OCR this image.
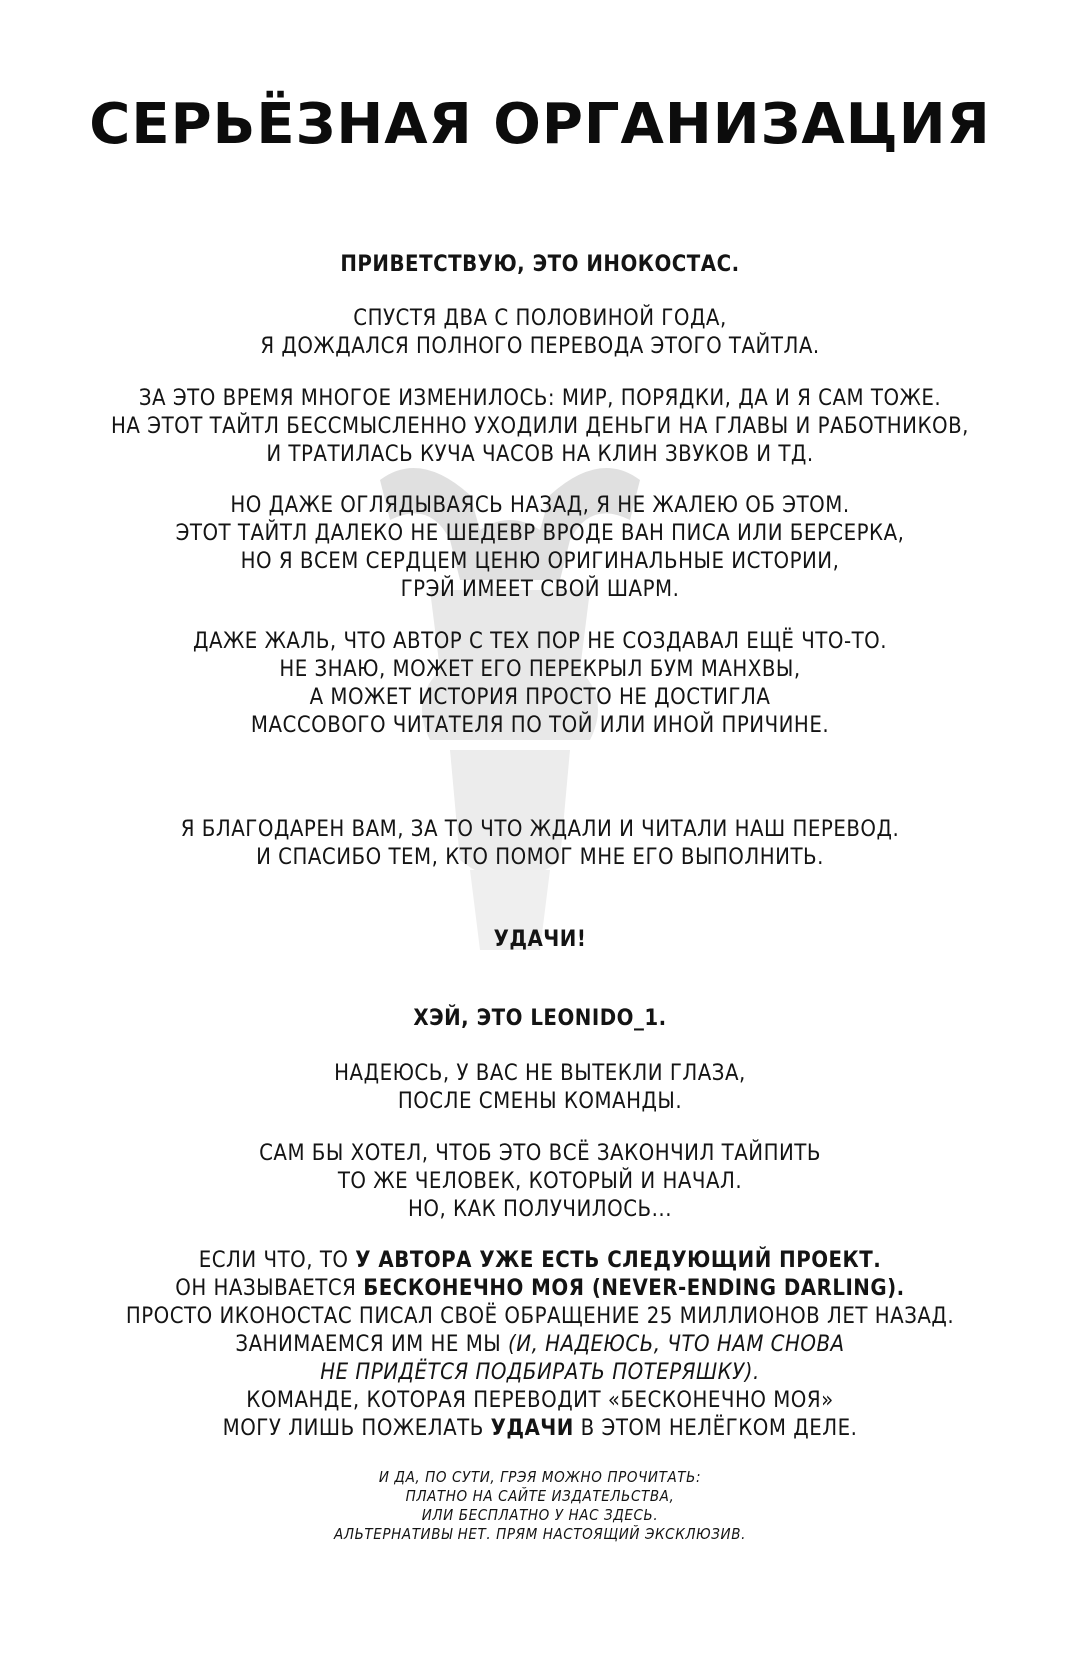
СЕРЬЁЗНАЯ ОРГАНИЗАЦИЯ
ПРИВЕТСТВУЮ, ЭТО ИНОКОСТАС.
СПУСТЯ ДВА С ПОЛОВИНОЙ ГОДА,
Я ДОЖДАЛСЯ ПОЛНОГО ПЕРЕВОДА ЭТОГО ТАЙТЛА.
ЗА ЭТО ВРЕМЯ МНОГОЕ ИЗМЕНИЛОСЬ: МИР, ПОРЯДКИ, ДА И Я САМ ТОЖЕ.
НА ЭТОТ ТАЙТЛ БЕССМЫСЛЕННО УХОДИЛИ ДЕНЬГИ НА ГЛАВЫ И РАБОТНИКОВ,
И ТРАТИЛАСЬ КУЧА ЧАСОВ НА КЛИН ЗВУКОВ И ТД.
НО ДАЖЕ ОГЛЯДЫВАЯСЬ НАЗАД, Я НЕ ЖАЛЕЮ ОБ ЭТОМ.
ЭТОТ ТАЙТЛ ДАЛЕКО НЕ ШЕДЕВР ВРОДЕ ВАН ПИСА ИЛИ БЕРСЕРКА,
НО Я ВСЕМ СЕРДЦЕМ ЦЕНЮ ОРИГИНАЛЬНЫЕ ИСТОРИИ,
ГРЭЙ ИМЕЕТ СВОЙ ШАРМ.
ДАЖЕ ЖАЛЬ, ЧТО АВТОР С ТЕХ ПОР НЕ СОЗДАВАЛ ЕЩЁ ЧТО-ТО.
НЕ ЗНАЮ, МОЖЕТ ЕГО ПЕРЕКРЫЛ БУМ МАНХВЫ,
А МОЖЕТ ИСТОРИЯ ПРОСТО НЕ ДОСТИГЛА
МАССОВОГО ЧИТАТЕЛЯ ПО ТОЙ ИЛИ ИНОЙ ПРИЧИНЕ.
Я БЛАГОДАРЕН ВАМ, ЗА ТО ЧТО ЖДАЛИ И ЧИТАЛИ НАШ ПЕРЕВОД.
И СПАСИБО ТЕМ, КТО ПОМОГ МНЕ ЕГО ВЫПОЛНИТЬ.
УДАЧИ!
ХЭЙ, ЭТО LEONIDO_1.
НАДЕЮСЬ, У ВАС НЕ ВЫТЕКЛИ ГЛАЗА,
ПОСЛЕ СМЕНЫ КОМАНДЫ.
САМ БЫ ХОТЕЛ, ЧТОБ ЭТО ВСЁ ЗАКОНЧИЛ ТАЙПИТЬ
ТО ЖЕ ЧЕЛОВЕК, КОТОРЫЙ И НАЧАЛ.
НО, КАК ПОЛУЧИЛОСЬ...
ЕСЛИ ЧТО, ТО У АВТОРА УЖЕ ЕСТЬ СЛЕДУЮЩИЙ ПРОЕКТ.
ОН НАЗЫВАЕТСЯ БЕСКОНЕЧНО МОЯ (NEVER-ENDING DARLING).
ПРОСТО ИКОНОСТАС ПИСАЛ СВОЁ ОБРАЩЕНИЕ 25 МИЛЛИОНОВ ЛЕТ НАЗАД.
ЗАНИМАЕМСЯ ИМ НЕ МЫ (И, НАДЕЮСЬ, ЧТО НАМ СНОВА
НЕ ПРИДЁТСЯ ПОДБИРАТЬ ПОТЕРЯШКУ).
КОМАНДЕ, КОТОРАЯ ПЕРЕВОДИТ «БЕСКОНЕЧНО МОЯ»
МОГУ ЛИШЬ ПОЖЕЛАТЬ УДАЧИ В ЭТОМ НЕЛЁГКОМ ДЕЛЕ.
И ДА, ПО СУТИ, ГРЭЯ МОЖНО ПРОЧИТАТЬ:
ПЛАТНО НА САЙТЕ ИЗДАТЕЛЬСТВА,
ИЛИ БЕСПЛАТНО У НАС ЗДЕСЬ.
АЛЬТЕРНАТИВЫ НЕТ. ПРЯМ НАСТОЯЩИЙ ЭКСКЛЮЗИВ.
